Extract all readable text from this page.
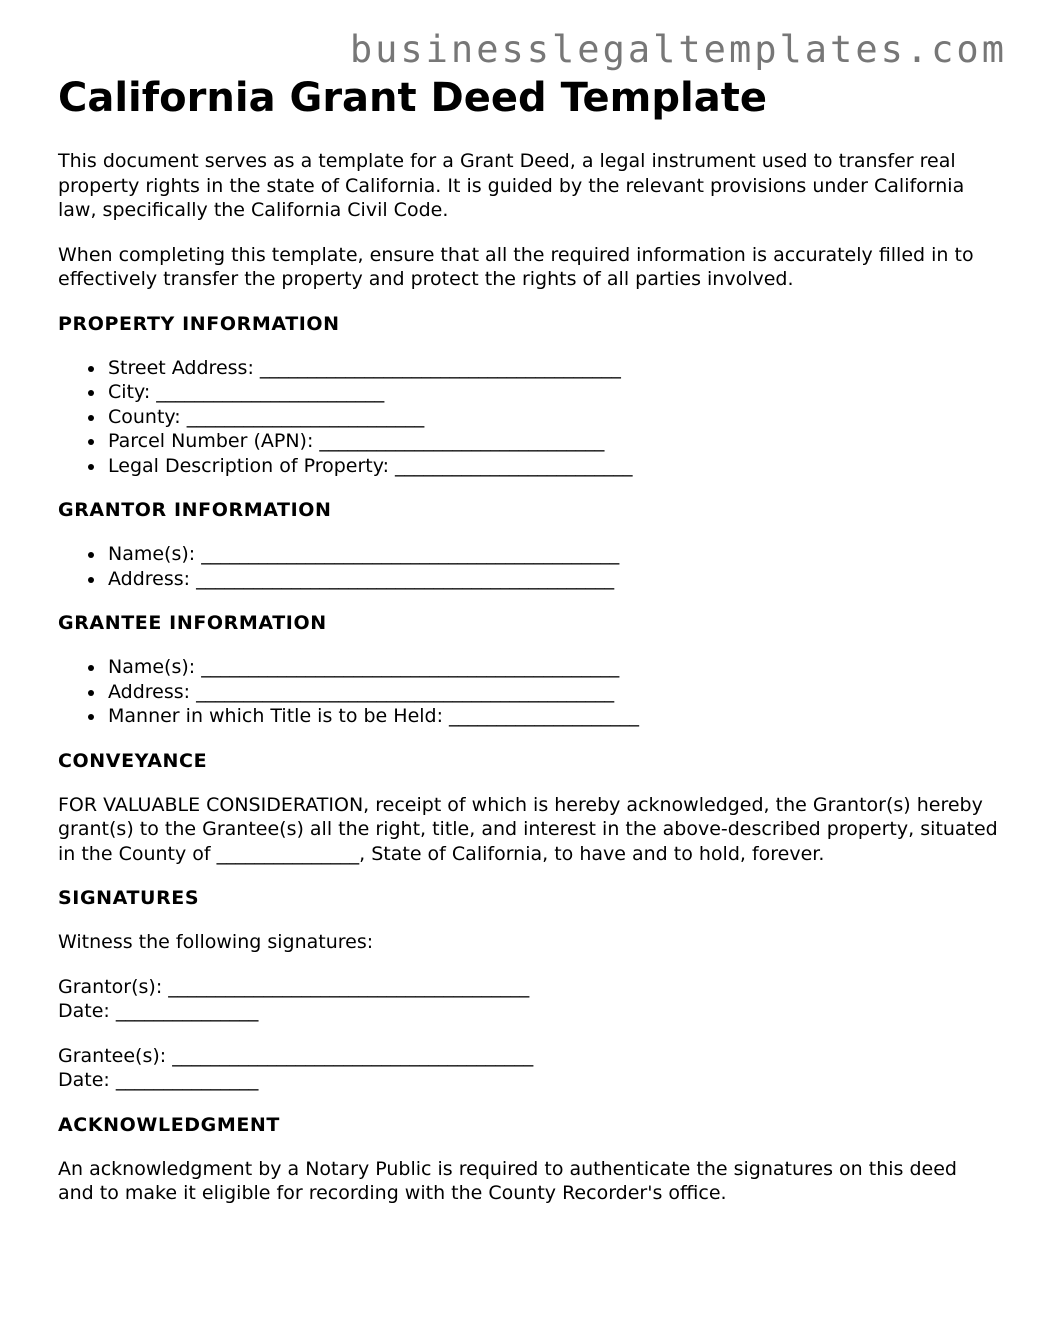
businesslegaltemplates.com
California Grant Deed Template

This document serves as a template for a Grant Deed, a legal instrument used to transfer real property rights in the state of California. It is guided by the relevant provisions under California law, specifically the California Civil Code.

When completing this template, ensure that all the required information is accurately filled in to effectively transfer the property and protect the rights of all parties involved.

PROPERTY INFORMATION
Street Address: ______________________________________
City: ________________________
County: _________________________
Parcel Number (APN): ______________________________
Legal Description of Property: _________________________
GRANTOR INFORMATION
Name(s): ____________________________________________
Address: ____________________________________________
GRANTEE INFORMATION
Name(s): ____________________________________________
Address: ____________________________________________
Manner in which Title is to be Held: ____________________
CONVEYANCE

FOR VALUABLE CONSIDERATION, receipt of which is hereby acknowledged, the Grantor(s) hereby grant(s) to the Grantee(s) all the right, title, and interest in the above-described property, situated in the County of _______________, State of California, to have and to hold, forever.

SIGNATURES

Witness the following signatures:

Grantor(s): ______________________________________
Date: _______________
Grantee(s): ______________________________________
Date: _______________
ACKNOWLEDGMENT

An acknowledgment by a Notary Public is required to authenticate the signatures on this deed and to make it eligible for recording with the County Recorder's office.
